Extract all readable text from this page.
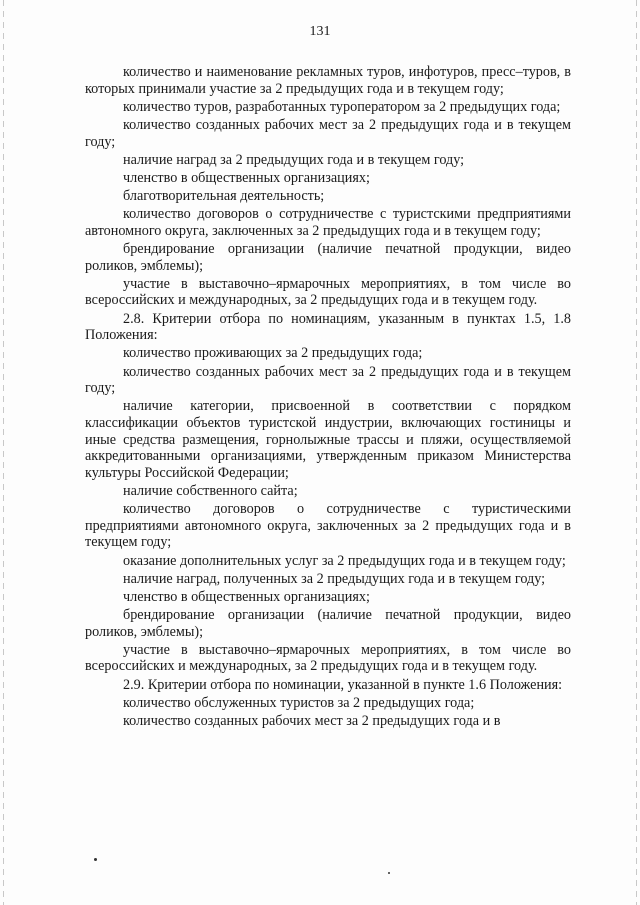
131

количество и наименование рекламных туров, инфотуров, пресс–туров, в которых принимали участие за 2 предыдущих года и в текущем году;

количество туров, разработанных туроператором за 2 предыдущих года;

количество созданных рабочих мест за 2 предыдущих года и в текущем году;

наличие наград за 2 предыдущих года и в текущем году;

членство в общественных организациях;

благотворительная деятельность;

количество договоров о сотрудничестве с туристскими предприятиями автономного округа, заключенных за 2 предыдущих года и в текущем году;

брендирование организации (наличие печатной продукции, видео роликов, эмблемы);

участие в выставочно–ярмарочных мероприятиях, в том числе во всероссийских и международных, за 2 предыдущих года и в текущем году.

2.8. Критерии отбора по номинациям, указанным в пунктах 1.5, 1.8 Положения:

количество проживающих за 2 предыдущих года;

количество созданных рабочих мест за 2 предыдущих года и в текущем году;

наличие категории, присвоенной в соответствии с порядком классификации объектов туристской индустрии, включающих гостиницы и иные средства размещения, горнолыжные трассы и пляжи, осуществляемой аккредитованными организациями, утвержденным приказом Министерства культуры Российской Федерации;

наличие собственного сайта;

количество договоров о сотрудничестве с туристическими предприятиями автономного округа, заключенных за 2 предыдущих года и в текущем году;

оказание дополнительных услуг за 2 предыдущих года и в текущем году;

наличие наград, полученных за 2 предыдущих года и в текущем году;

членство в общественных организациях;

брендирование организации (наличие печатной продукции, видео роликов, эмблемы);

участие в выставочно–ярмарочных мероприятиях, в том числе во всероссийских и международных, за 2 предыдущих года и в текущем году.

2.9. Критерии отбора по номинации, указанной в пункте 1.6 Положения:

количество обслуженных туристов за 2 предыдущих года;

количество созданных рабочих мест за 2 предыдущих года и в
